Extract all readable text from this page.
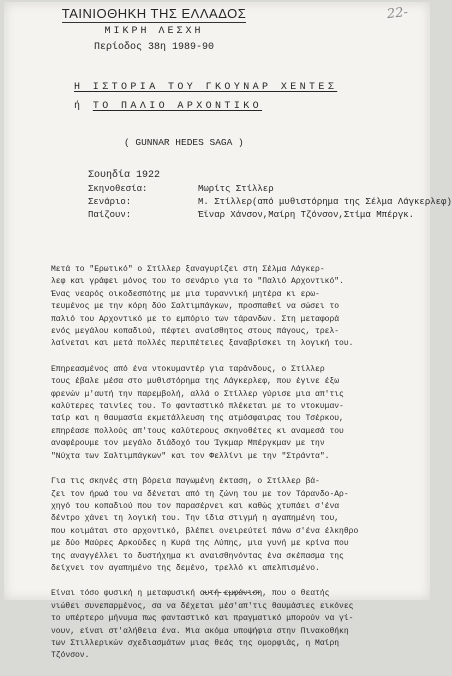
22-
ΤΑΙΝΙΟΘΗΚΗ ΤΗΣ ΕΛΛΑΔΟΣ
ΜΙΚΡΗ ΛΕΣΧΗ
Περίοδος 38η 1989-90
Η ΙΣΤΟΡΙΑ ΤΟΥ ΓΚΟΥΝΑΡ ΧΕΝΤΕΣ
ή ΤΟ ΠΑΛΙΟ ΑΡΧΟΝΤΙΚΟ
( GUNNAR HEDES SAGA )
Σουηδία 1922
Σκηνοθεσία:	Μωρίτς Στίλλερ
Σενάριο:	Μ. Στίλλερ(από μυθιστόρημα της Σέλμα Λάγκερλεφ)
Παίζουν:	Έϊναρ Χάνσον,Μαίρη Τζόνσον,Στίμα Μπέργκ.
Μετά το "Ερωτικό" ο Στίλλερ ξαναγυρίζει στη Σέλμα Λάγκερ-
λεφ και γράφει μόνος του το σενάριο για το "Παλιό Αρχοντικό".
Ένας νεαρός οικοδεσπότης με μια τυραννική μητέρα κι ερω-
τευμένος με την κόρη δύο Σαλτιμπάγκων, προσπαθεί να σώσει το
παλιό του Αρχοντικό με το εμπόριο των τάρανδων. Στη μεταφορά
ενός μεγάλου κοπαδιού, πέφτει αναίσθητος στους πάγους, τρελ-
λαίνεται και μετά πολλές περιπέτειες ξαναβρίσκει τη λογική του.
Επηρεασμένος από ένα ντοκυμαντέρ για ταράνδους, ο Στίλλερ
τους έβαλε μέσα στο μυθιστόρημα της Λάγκερλεφ, που έγινε έξω
φρενών μ'αυτή την παρεμβολή, αλλά ο Στίλλερ γύρισε μια απ'τις
καλύτερες ταινίες του. Το φανταστικό πλέκεται με το ντοκυμαν-
ταίρ και η θαυμασία εκμετάλλευση της ατμόσφαιρας του Τσέρκου,
επηρέασε πολλούς απ'τους καλύτερους σκηνοθέτες κι αναμεσά του
αναφέρουμε τον μεγάλο διάδοχό του Ίγκμαρ Μπέργκμαν με την
"Νύχτα των Σαλτιμπάγκων" και τον Φελλίνι με την "Στράντα".
Για τις σκηνές στη βόρεια παγωμένη έκταση, ο Στίλλερ βά-
ζει τον ήρωά του να δένεται από τη ζώνη του με τον Τάρανδο-Αρ-
χηγό του κοπαδιού που τον παρασέρνει και καθώς χτυπάει σ'ένα
δέντρο χάνει τη λογική του. Την ίδια στιγμή η αγαπημένη του,
που κοιμάται στο αρχοντικό, βλέπει ονειρεύτεί πάνω σ'ένα έλκηθρο
με δύο Μαύρες Αρκούδες η Κυρά της Λύπης, μια γυνή με κρίνα που
της αναγγέλλει το δυστήχημα κι αναισθηνόντας ένα σκέπασμα της
δείχνει τον αγαπημένο της δεμένο, τρελλό κι απελπισμένο.
Είναι τόσο φυσική η μεταφυσική αυτή εμφάνιση, που ο θεατής
νιώθει συνεπαρμένος, σα να δέχεται μέσ'απ'τις θαυμάσιες εικόνες
το υπέρτερο μήνυμα πως φανταστικό και πραγματικό μπορούν να γί-
νουν, είναι στ'αλήθεια ένα. Μια ακόμα υποψήφια στην Πινακοθήκη
των Στιλλερικών σχεδιασμάτων μιας θεάς της ομορφιάς, η Μαίρη
Τζόνσον.
